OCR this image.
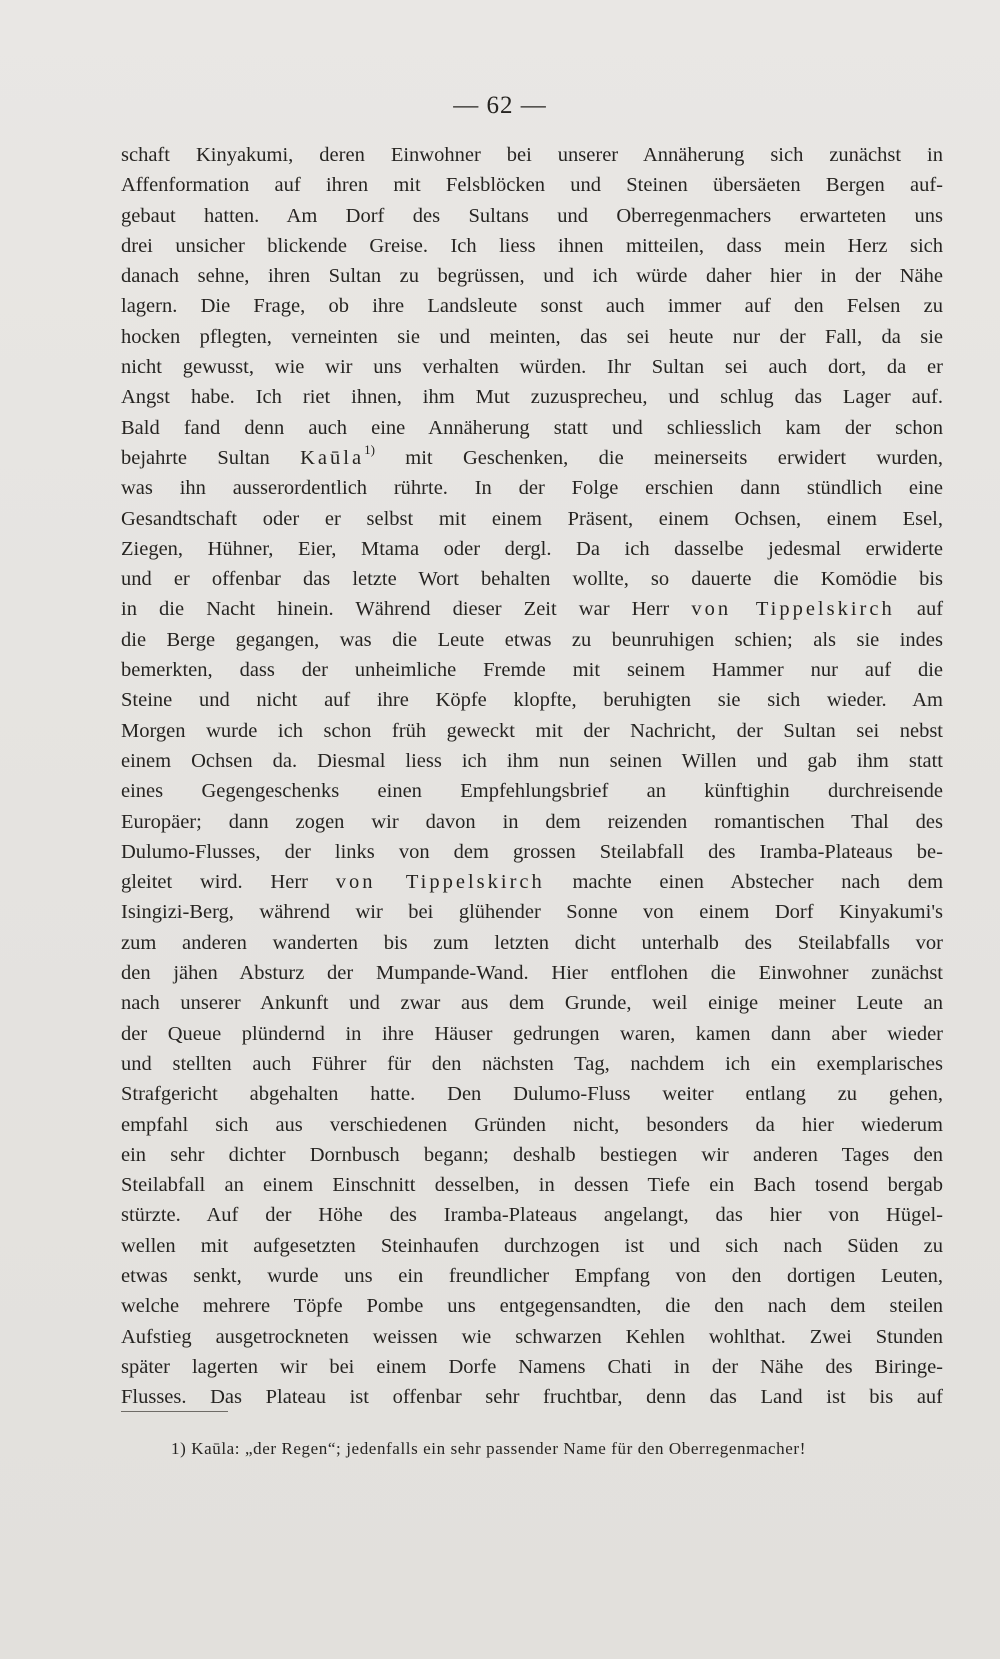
— 62 —
schaft Kinyakumi, deren Einwohner bei unserer Annäherung sich zunächst in
Affenformation auf ihren mit Felsblöcken und Steinen übersäeten Bergen auf-
gebaut hatten. Am Dorf des Sultans und Oberregenmachers erwarteten uns
drei unsicher blickende Greise. Ich liess ihnen mitteilen, dass mein Herz sich
danach sehne, ihren Sultan zu begrüssen, und ich würde daher hier in der Nähe
lagern. Die Frage, ob ihre Landsleute sonst auch immer auf den Felsen zu
hocken pflegten, verneinten sie und meinten, das sei heute nur der Fall, da sie
nicht gewusst, wie wir uns verhalten würden. Ihr Sultan sei auch dort, da er
Angst habe. Ich riet ihnen, ihm Mut zuzusprecheu, und schlug das Lager auf.
Bald fand denn auch eine Annäherung statt und schliesslich kam der schon
bejahrte Sultan Kaūla$^{1)}$ mit Geschenken, die meinerseits erwidert wurden,
was ihn ausserordentlich rührte. In der Folge erschien dann stündlich eine
Gesandtschaft oder er selbst mit einem Präsent, einem Ochsen, einem Esel,
Ziegen, Hühner, Eier, Mtama oder dergl. Da ich dasselbe jedesmal erwiderte
und er offenbar das letzte Wort behalten wollte, so dauerte die Komödie bis
in die Nacht hinein. Während dieser Zeit war Herr von Tippelskirch auf
die Berge gegangen, was die Leute etwas zu beunruhigen schien; als sie indes
bemerkten, dass der unheimliche Fremde mit seinem Hammer nur auf die
Steine und nicht auf ihre Köpfe klopfte, beruhigten sie sich wieder. Am
Morgen wurde ich schon früh geweckt mit der Nachricht, der Sultan sei nebst
einem Ochsen da. Diesmal liess ich ihm nun seinen Willen und gab ihm statt
eines Gegengeschenks einen Empfehlungsbrief an künftighin durchreisende
Europäer; dann zogen wir davon in dem reizenden romantischen Thal des
Dulumo-Flusses, der links von dem grossen Steilabfall des Iramba-Plateaus be-
gleitet wird. Herr von Tippelskirch machte einen Abstecher nach dem
Isingizi-Berg, während wir bei glühender Sonne von einem Dorf Kinyakumi's
zum anderen wanderten bis zum letzten dicht unterhalb des Steilabfalls vor
den jähen Absturz der Mumpande-Wand. Hier entflohen die Einwohner zunächst
nach unserer Ankunft und zwar aus dem Grunde, weil einige meiner Leute an
der Queue plündernd in ihre Häuser gedrungen waren, kamen dann aber wieder
und stellten auch Führer für den nächsten Tag, nachdem ich ein exemplarisches
Strafgericht abgehalten hatte. Den Dulumo-Fluss weiter entlang zu gehen,
empfahl sich aus verschiedenen Gründen nicht, besonders da hier wiederum
ein sehr dichter Dornbusch begann; deshalb bestiegen wir anderen Tages den
Steilabfall an einem Einschnitt desselben, in dessen Tiefe ein Bach tosend bergab
stürzte. Auf der Höhe des Iramba-Plateaus angelangt, das hier von Hügel-
wellen mit aufgesetzten Steinhaufen durchzogen ist und sich nach Süden zu
etwas senkt, wurde uns ein freundlicher Empfang von den dortigen Leuten,
welche mehrere Töpfe Pombe uns entgegensandten, die den nach dem steilen
Aufstieg ausgetrockneten weissen wie schwarzen Kehlen wohlthat. Zwei Stunden
später lagerten wir bei einem Dorfe Namens Chati in der Nähe des Biringe-
Flusses. Das Plateau ist offenbar sehr fruchtbar, denn das Land ist bis auf
1) Kaūla: „der Regen“; jedenfalls ein sehr passender Name für den Oberregenmacher!
